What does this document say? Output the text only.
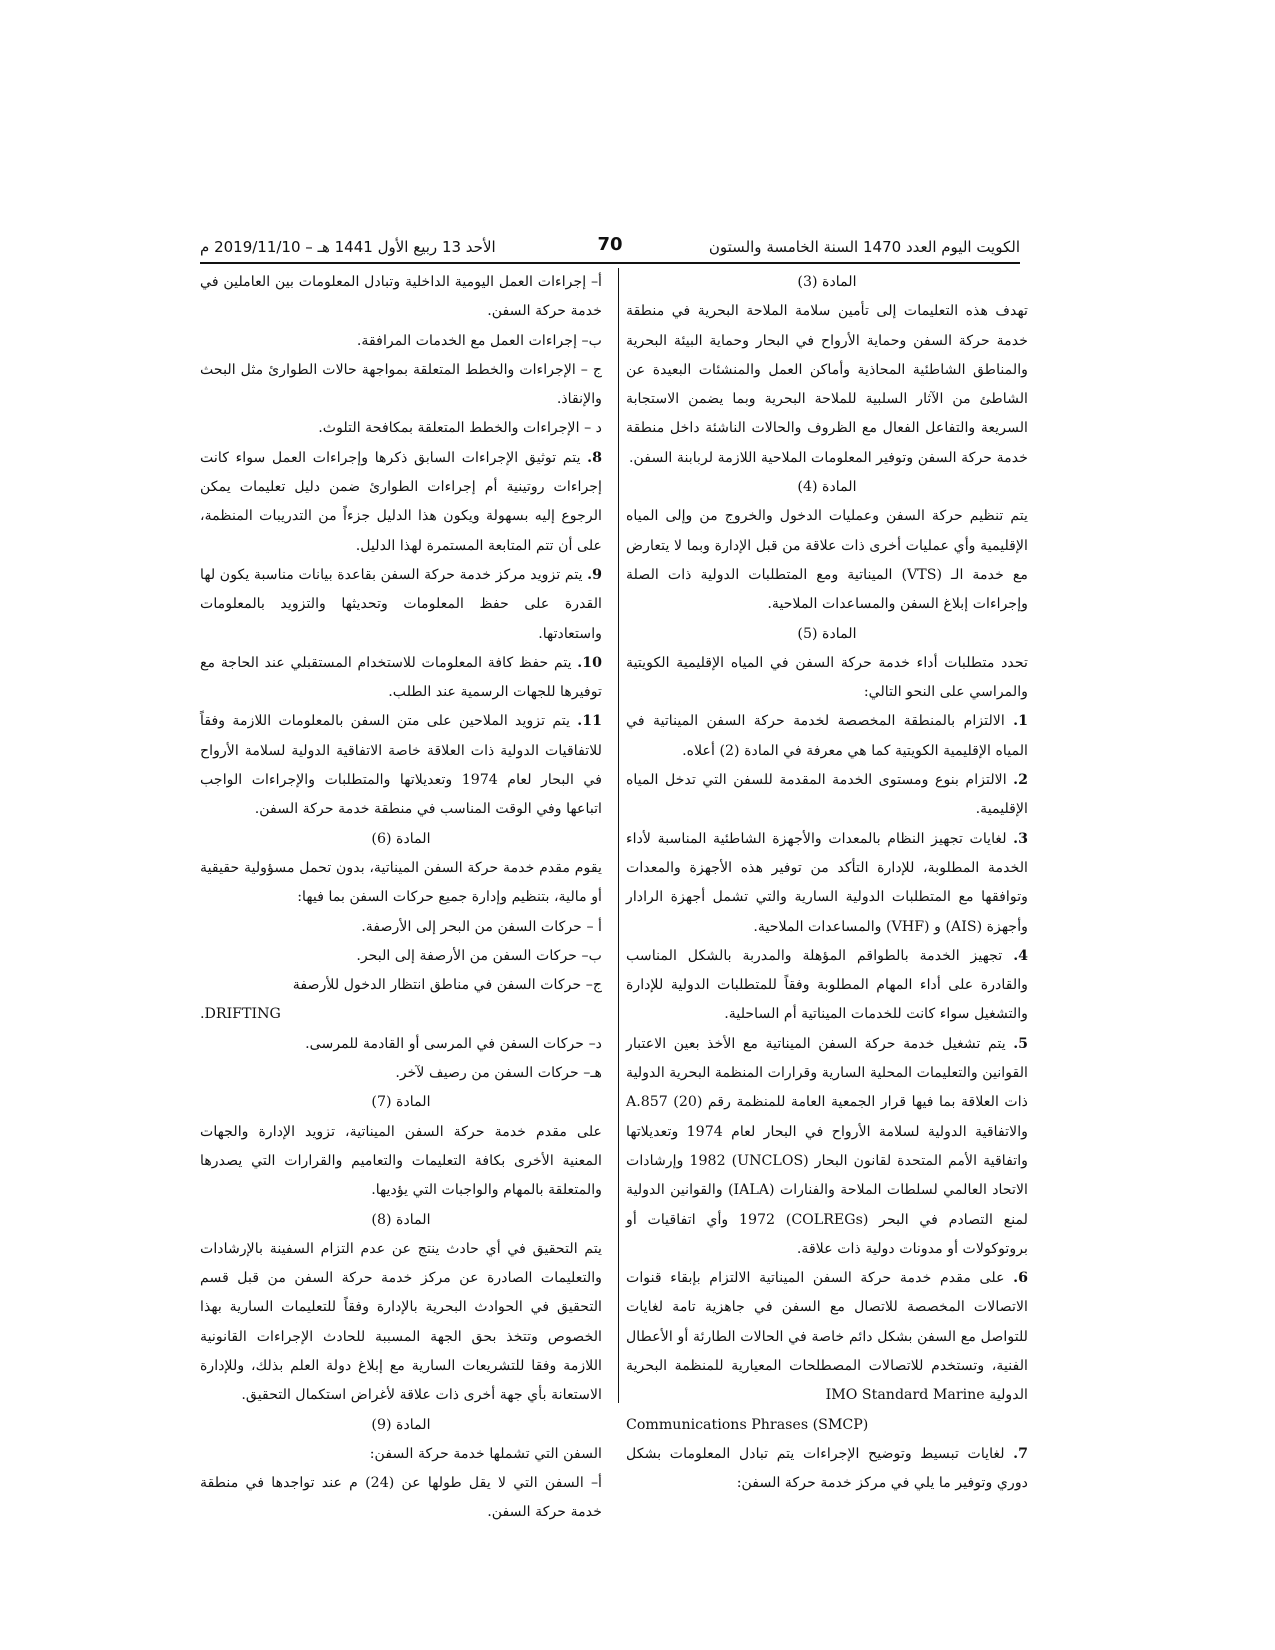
الكويت اليوم العدد 1470 السنة الخامسة والستون
70
الأحد 13 ربيع الأول 1441 هـ – 2019/11/10 م

المادة (3)

تهدف هذه التعليمات إلى تأمين سلامة الملاحة البحرية في منطقة خدمة حركة السفن وحماية الأرواح في البحار وحماية البيئة البحرية والمناطق الشاطئية المحاذية وأماكن العمل والمنشئات البعيدة عن الشاطئ من الآثار السلبية للملاحة البحرية وبما يضمن الاستجابة السريعة والتفاعل الفعال مع الظروف والحالات الناشئة داخل منطقة خدمة حركة السفن وتوفير المعلومات الملاحية اللازمة لربابنة السفن.

المادة (4)

يتم تنظيم حركة السفن وعمليات الدخول والخروج من وإلى المياه الإقليمية وأي عمليات أخرى ذات علاقة من قبل الإدارة وبما لا يتعارض مع خدمة الـ (VTS) الميناتية ومع المتطلبات الدولية ذات الصلة وإجراءات إبلاغ السفن والمساعدات الملاحية.

المادة (5)

تحدد متطلبات أداء خدمة حركة السفن في المياه الإقليمية الكويتية والمراسي على النحو التالي:

1. الالتزام بالمنطقة المخصصة لخدمة حركة السفن الميناتية في المياه الإقليمية الكويتية كما هي معرفة في المادة (2) أعلاه.

2. الالتزام بنوع ومستوى الخدمة المقدمة للسفن التي تدخل المياه الإقليمية.

3. لغايات تجهيز النظام بالمعدات والأجهزة الشاطئية المناسبة لأداء الخدمة المطلوبة، للإدارة التأكد من توفير هذه الأجهزة والمعدات وتوافقها مع المتطلبات الدولية السارية والتي تشمل أجهزة الرادار وأجهزة (AIS) و (VHF) والمساعدات الملاحية.

4. تجهيز الخدمة بالطواقم المؤهلة والمدربة بالشكل المناسب والقادرة على أداء المهام المطلوبة وفقاً للمتطلبات الدولية للإدارة والتشغيل سواء كانت للخدمات الميناتية أم الساحلية.

5. يتم تشغيل خدمة حركة السفن الميناتية مع الأخذ بعين الاعتبار القوانين والتعليمات المحلية السارية وقرارات المنظمة البحرية الدولية ذات العلاقة بما فيها قرار الجمعية العامة للمنظمة رقم (20) A.857 والاتفاقية الدولية لسلامة الأرواح في البحار لعام 1974 وتعديلاتها واتفاقية الأمم المتحدة لقانون البحار (UNCLOS) 1982 وإرشادات الاتحاد العالمي لسلطات الملاحة والفنارات (IALA) والقوانين الدولية لمنع التصادم في البحر (COLREGs) 1972 وأي اتفاقيات أو بروتوكولات أو مدونات دولية ذات علاقة.

6. على مقدم خدمة حركة السفن الميناتية الالتزام بإبقاء قنوات الاتصالات المخصصة للاتصال مع السفن في جاهزية تامة لغايات للتواصل مع السفن بشكل دائم خاصة في الحالات الطارئة أو الأعطال الفنية، وتستخدم للاتصالات المصطلحات المعيارية للمنظمة البحرية الدولية IMO Standard Marine

Communications Phrases (SMCP)

7. لغايات تبسيط وتوضيح الإجراءات يتم تبادل المعلومات بشكل دوري وتوفير ما يلي في مركز خدمة حركة السفن:

أ– إجراءات العمل اليومية الداخلية وتبادل المعلومات بين العاملين في خدمة حركة السفن.

ب– إجراءات العمل مع الخدمات المرافقة.

ج – الإجراءات والخطط المتعلقة بمواجهة حالات الطوارئ مثل البحث والإنقاذ.

د – الإجراءات والخطط المتعلقة بمكافحة التلوث.

8. يتم توثيق الإجراءات السابق ذكرها وإجراءات العمل سواء كانت إجراءات روتينية أم إجراءات الطوارئ ضمن دليل تعليمات يمكن الرجوع إليه بسهولة ويكون هذا الدليل جزءاً من التدريبات المنظمة، على أن تتم المتابعة المستمرة لهذا الدليل.

9. يتم تزويد مركز خدمة حركة السفن بقاعدة بيانات مناسبة يكون لها القدرة على حفظ المعلومات وتحديثها والتزويد بالمعلومات واستعادتها.

10. يتم حفظ كافة المعلومات للاستخدام المستقبلي عند الحاجة مع توفيرها للجهات الرسمية عند الطلب.

11. يتم تزويد الملاحين على متن السفن بالمعلومات اللازمة وفقاً للاتفاقيات الدولية ذات العلاقة خاصة الاتفاقية الدولية لسلامة الأرواح في البحار لعام 1974 وتعديلاتها والمتطلبات والإجراءات الواجب اتباعها وفي الوقت المناسب في منطقة خدمة حركة السفن.

المادة (6)

يقوم مقدم خدمة حركة السفن الميناتية، بدون تحمل مسؤولية حقيقية أو مالية، بتنظيم وإدارة جميع حركات السفن بما فيها:

أ – حركات السفن من البحر إلى الأرصفة.

ب– حركات السفن من الأرصفة إلى البحر.

ج– حركات السفن في مناطق انتظار الدخول للأرصفة

DRIFTING.

د– حركات السفن في المرسى أو القادمة للمرسى.

هـ– حركات السفن من رصيف لآخر.

المادة (7)

على مقدم خدمة حركة السفن الميناتية، تزويد الإدارة والجهات المعنية الأخرى بكافة التعليمات والتعاميم والقرارات التي يصدرها والمتعلقة بالمهام والواجبات التي يؤديها.

المادة (8)

يتم التحقيق في أي حادث ينتج عن عدم التزام السفينة بالإرشادات والتعليمات الصادرة عن مركز خدمة حركة السفن من قبل قسم التحقيق في الحوادث البحرية بالإدارة وفقاً للتعليمات السارية بهذا الخصوص وتتخذ بحق الجهة المسببة للحادث الإجراءات القانونية اللازمة وفقا للتشريعات السارية مع إبلاغ دولة العلم بذلك، وللإدارة الاستعانة بأي جهة أخرى ذات علاقة لأغراض استكمال التحقيق.

المادة (9)

السفن التي تشملها خدمة حركة السفن:

أ– السفن التي لا يقل طولها عن (24) م عند تواجدها في منطقة خدمة حركة السفن.
